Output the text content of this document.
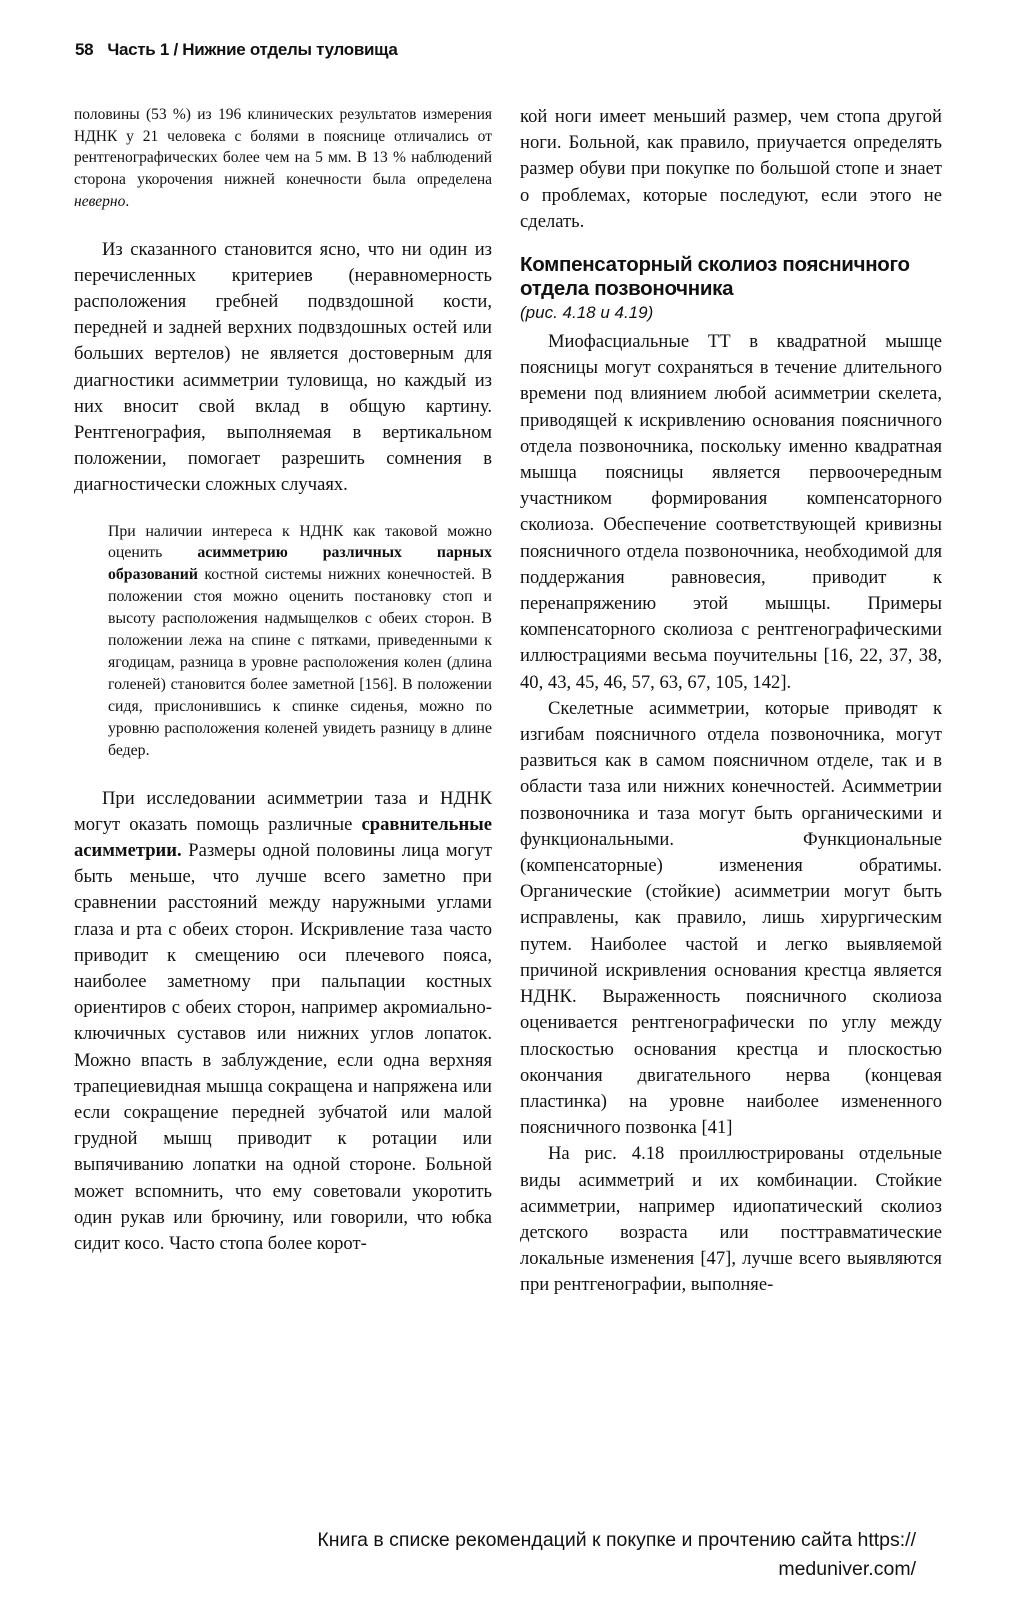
58 Часть 1 / Нижние отделы туловища

половины (53 %) из 196 клинических результатов измерения НДНК у 21 человека с болями в пояснице отличались от рентгенографических более чем на 5 мм. В 13 % наблюдений сторона укорочения нижней конечности была определена неверно.

Из сказанного становится ясно, что ни один из перечисленных критериев (неравномерность расположения гребней подвздошной кости, передней и задней верхних подвздошных остей или больших вертелов) не является достоверным для диагностики асимметрии туловища, но каждый из них вносит свой вклад в общую картину. Рентгенография, выполняемая в вертикальном положении, помогает разрешить сомнения в диагностически сложных случаях.

При наличии интереса к НДНК как таковой можно оценить асимметрию различных парных образований костной системы нижних конечностей. В положении стоя можно оценить постановку стоп и высоту расположения надмыщелков с обеих сторон. В положении лежа на спине с пятками, приведенными к ягодицам, разница в уровне расположения колен (длина голеней) становится более заметной [156]. В положении сидя, прислонившись к спинке сиденья, можно по уровню расположения коленей увидеть разницу в длине бедер.

При исследовании асимметрии таза и НДНК могут оказать помощь различные сравнительные асимметрии. Размеры одной половины лица могут быть меньше, что лучше всего заметно при сравнении расстояний между наружными углами глаза и рта с обеих сторон. Искривление таза часто приводит к смещению оси плечевого пояса, наиболее заметному при пальпации костных ориентиров с обеих сторон, например акромиально-ключичных суставов или нижних углов лопаток. Можно впасть в заблуждение, если одна верхняя трапециевидная мышца сокращена и напряжена или если сокращение передней зубчатой или малой грудной мышц приводит к ротации или выпячиванию лопатки на одной стороне. Больной может вспомнить, что ему советовали укоротить один рукав или брючину, или говорили, что юбка сидит косо. Часто стопа более корот-

кой ноги имеет меньший размер, чем стопа другой ноги. Больной, как правило, приучается определять размер обуви при покупке по большой стопе и знает о проблемах, которые последуют, если этого не сделать.

Компенсаторный сколиоз поясничного отдела позвоночника
(рис. 4.18 и 4.19)

Миофасциальные ТТ в квадратной мышце поясницы могут сохраняться в течение длительного времени под влиянием любой асимметрии скелета, приводящей к искривлению основания поясничного отдела позвоночника, поскольку именно квадратная мышца поясницы является первоочередным участником формирования компенсаторного сколиоза. Обеспечение соответствующей кривизны поясничного отдела позвоночника, необходимой для поддержания равновесия, приводит к перенапряжению этой мышцы. Примеры компенсаторного сколиоза с рентгенографическими иллюстрациями весьма поучительны [16, 22, 37, 38, 40, 43, 45, 46, 57, 63, 67, 105, 142].

Скелетные асимметрии, которые приводят к изгибам поясничного отдела позвоночника, могут развиться как в самом поясничном отделе, так и в области таза или нижних конечностей. Асимметрии позвоночника и таза могут быть органическими и функциональными. Функциональные (компенсаторные) изменения обратимы. Органические (стойкие) асимметрии могут быть исправлены, как правило, лишь хирургическим путем. Наиболее частой и легко выявляемой причиной искривления основания крестца является НДНК. Выраженность поясничного сколиоза оценивается рентгенографически по углу между плоскостью основания крестца и плоскостью окончания двигательного нерва (концевая пластинка) на уровне наиболее измененного поясничного позвонка [41]

На рис. 4.18 проиллюстрированы отдельные виды асимметрий и их комбинации. Стойкие асимметрии, например идиопатический сколиоз детского возраста или посттравматические локальные изменения [47], лучше всего выявляются при рентгенографии, выполняе-

Книга в списке рекомендаций к покупке и прочтению сайта https://
meduniver.com/
